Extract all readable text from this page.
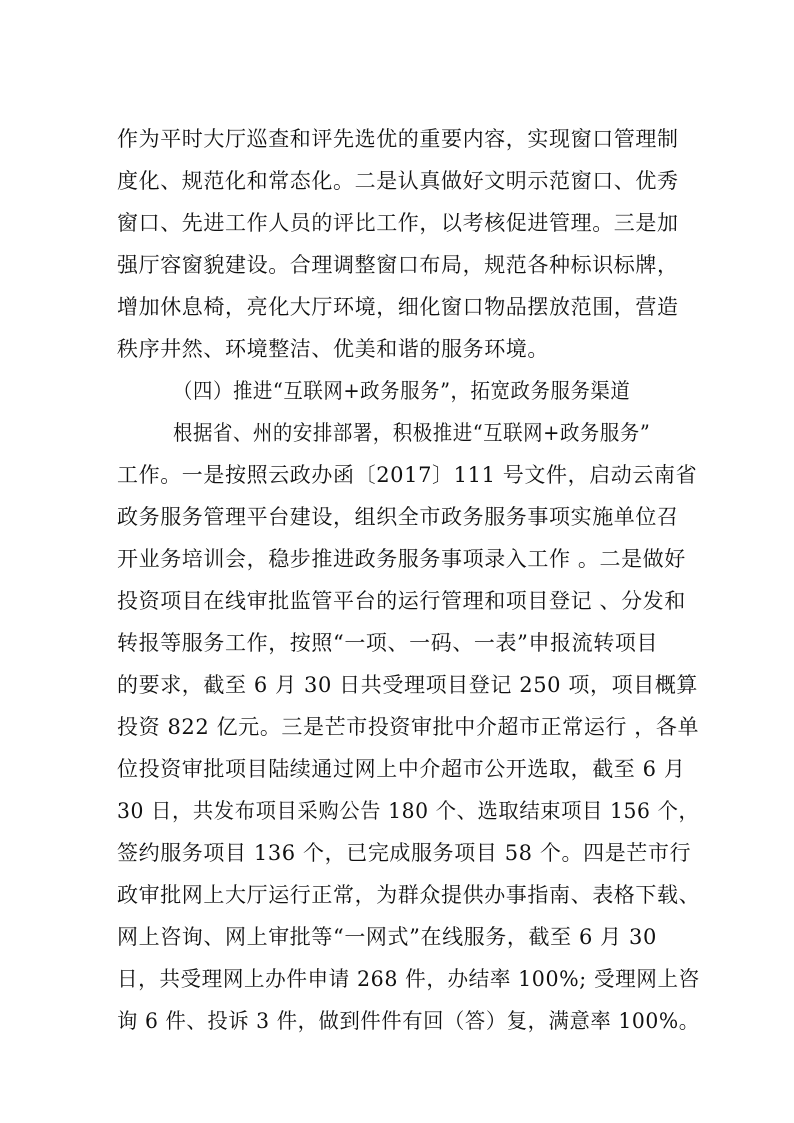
作为平时大厅巡查和评先选优的重要内容，实现窗口管理制
度化、规范化和常态化。二是认真做好文明示范窗口、优秀
窗口、先进工作人员的评比工作，以考核促进管理。三是加
强厅容窗貌建设。合理调整窗口布局，规范各种标识标牌，
增加休息椅，亮化大厅环境，细化窗口物品摆放范围，营造
秩序井然、环境整洁、优美和谐的服务环境。
（四）推进“互联网+政务服务”，拓宽政务服务渠道
根据省、州的安排部署，积极推进“互联网+政务服务”
工作。一是按照云政办函〔2017〕111 号文件，启动云南省
政务服务管理平台建设，组织全市政务服务事项实施单位召
开业务培训会，稳步推进政务服务事项录入工作 。二是做好
投资项目在线审批监管平台的运行管理和项目登记 、分发和
转报等服务工作，按照“一项、一码、一表”申报流转项目
的要求，截至 6 月 30 日共受理项目登记 250 项，项目概算
投资 822 亿元。三是芒市投资审批中介超市正常运行 ，各单
位投资审批项目陆续通过网上中介超市公开选取，截至 6 月
30 日，共发布项目采购公告 180 个、选取结束项目 156 个，
签约服务项目 136 个，已完成服务项目 58 个。四是芒市行
政审批网上大厅运行正常，为群众提供办事指南、表格下载、
网上咨询、网上审批等“一网式”在线服务，截至 6 月 30
日，共受理网上办件申请 268 件，办结率 100%; 受理网上咨
询 6 件、投诉 3 件，做到件件有回（答）复，满意率 100%。
